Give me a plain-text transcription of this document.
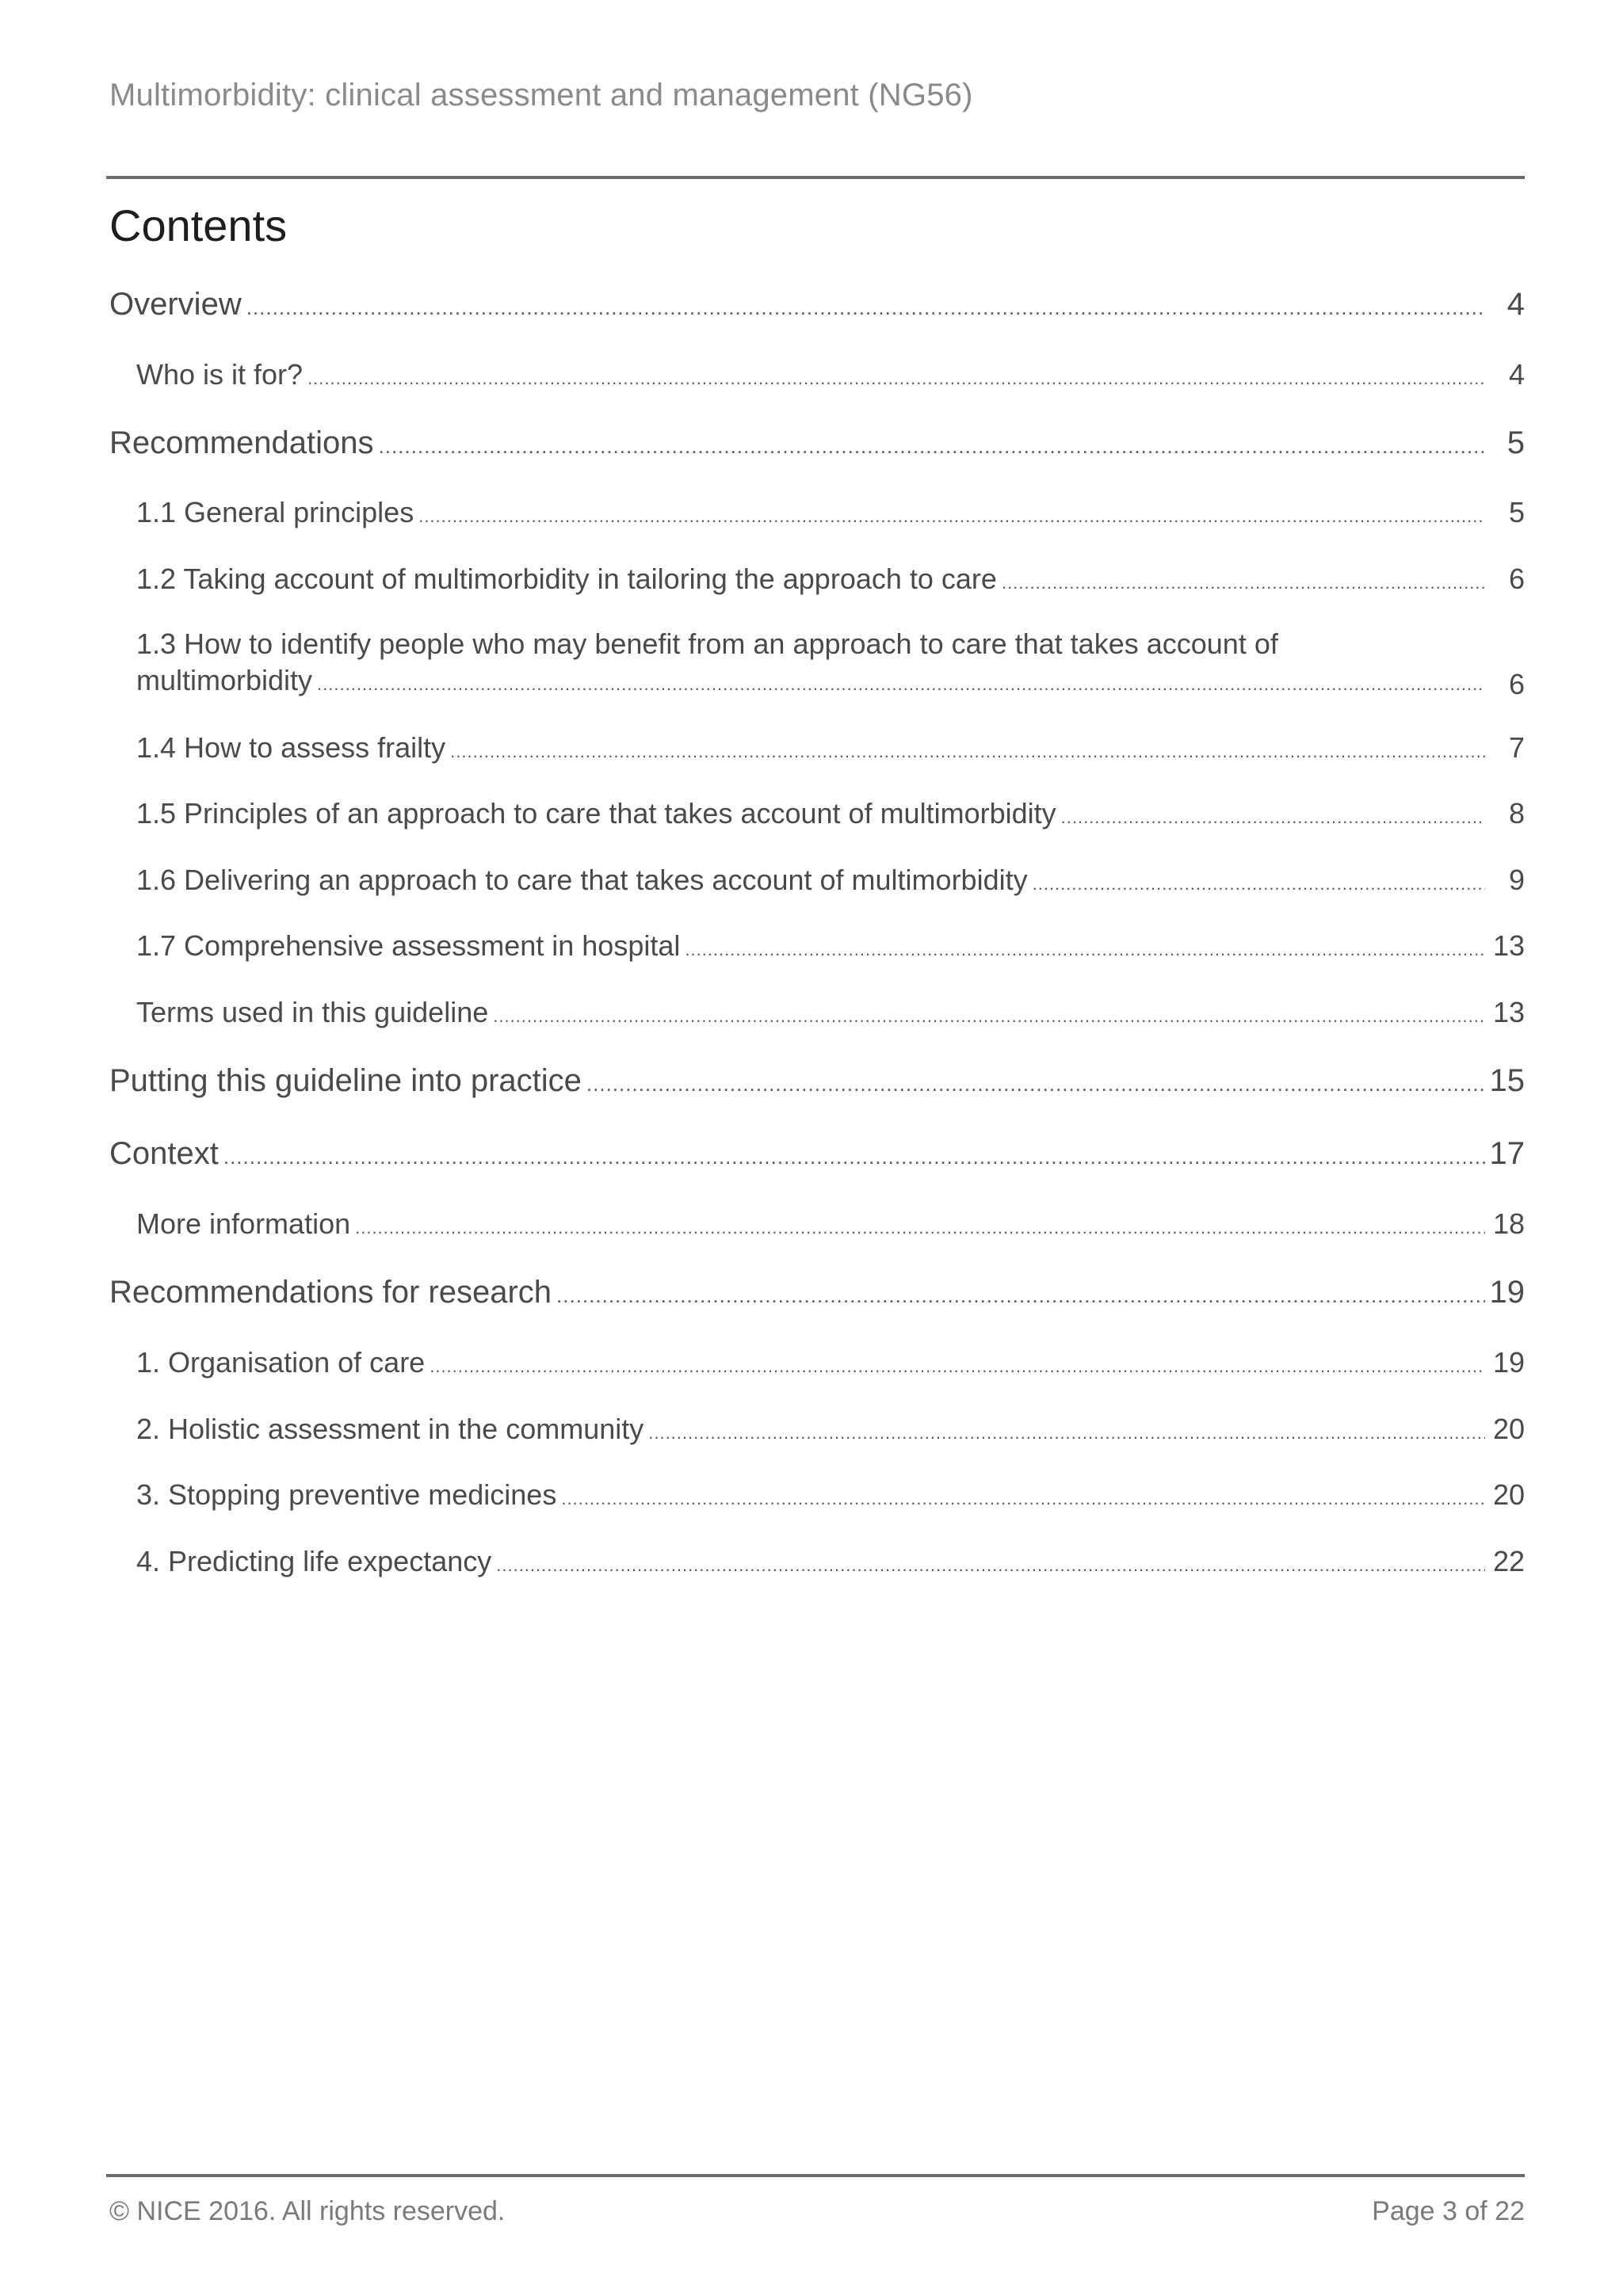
Multimorbidity: clinical assessment and management (NG56)
Contents
Overview .....	4
Who is it for? .....	4
Recommendations .....	5
1.1 General principles .....	5
1.2 Taking account of multimorbidity in tailoring the approach to care .....	6
1.3 How to identify people who may benefit from an approach to care that takes account of
multimorbidity .....	6
1.4 How to assess frailty .....	7
1.5 Principles of an approach to care that takes account of multimorbidity .....	8
1.6 Delivering an approach to care that takes account of multimorbidity .....	9
1.7 Comprehensive assessment in hospital .....	13
Terms used in this guideline .....	13
Putting this guideline into practice .....	15
Context .....	17
More information .....	18
Recommendations for research .....	19
1. Organisation of care .....	19
2. Holistic assessment in the community .....	20
3. Stopping preventive medicines .....	20
4. Predicting life expectancy .....	22
© NICE 2016. All rights reserved.	Page 3 of 22
